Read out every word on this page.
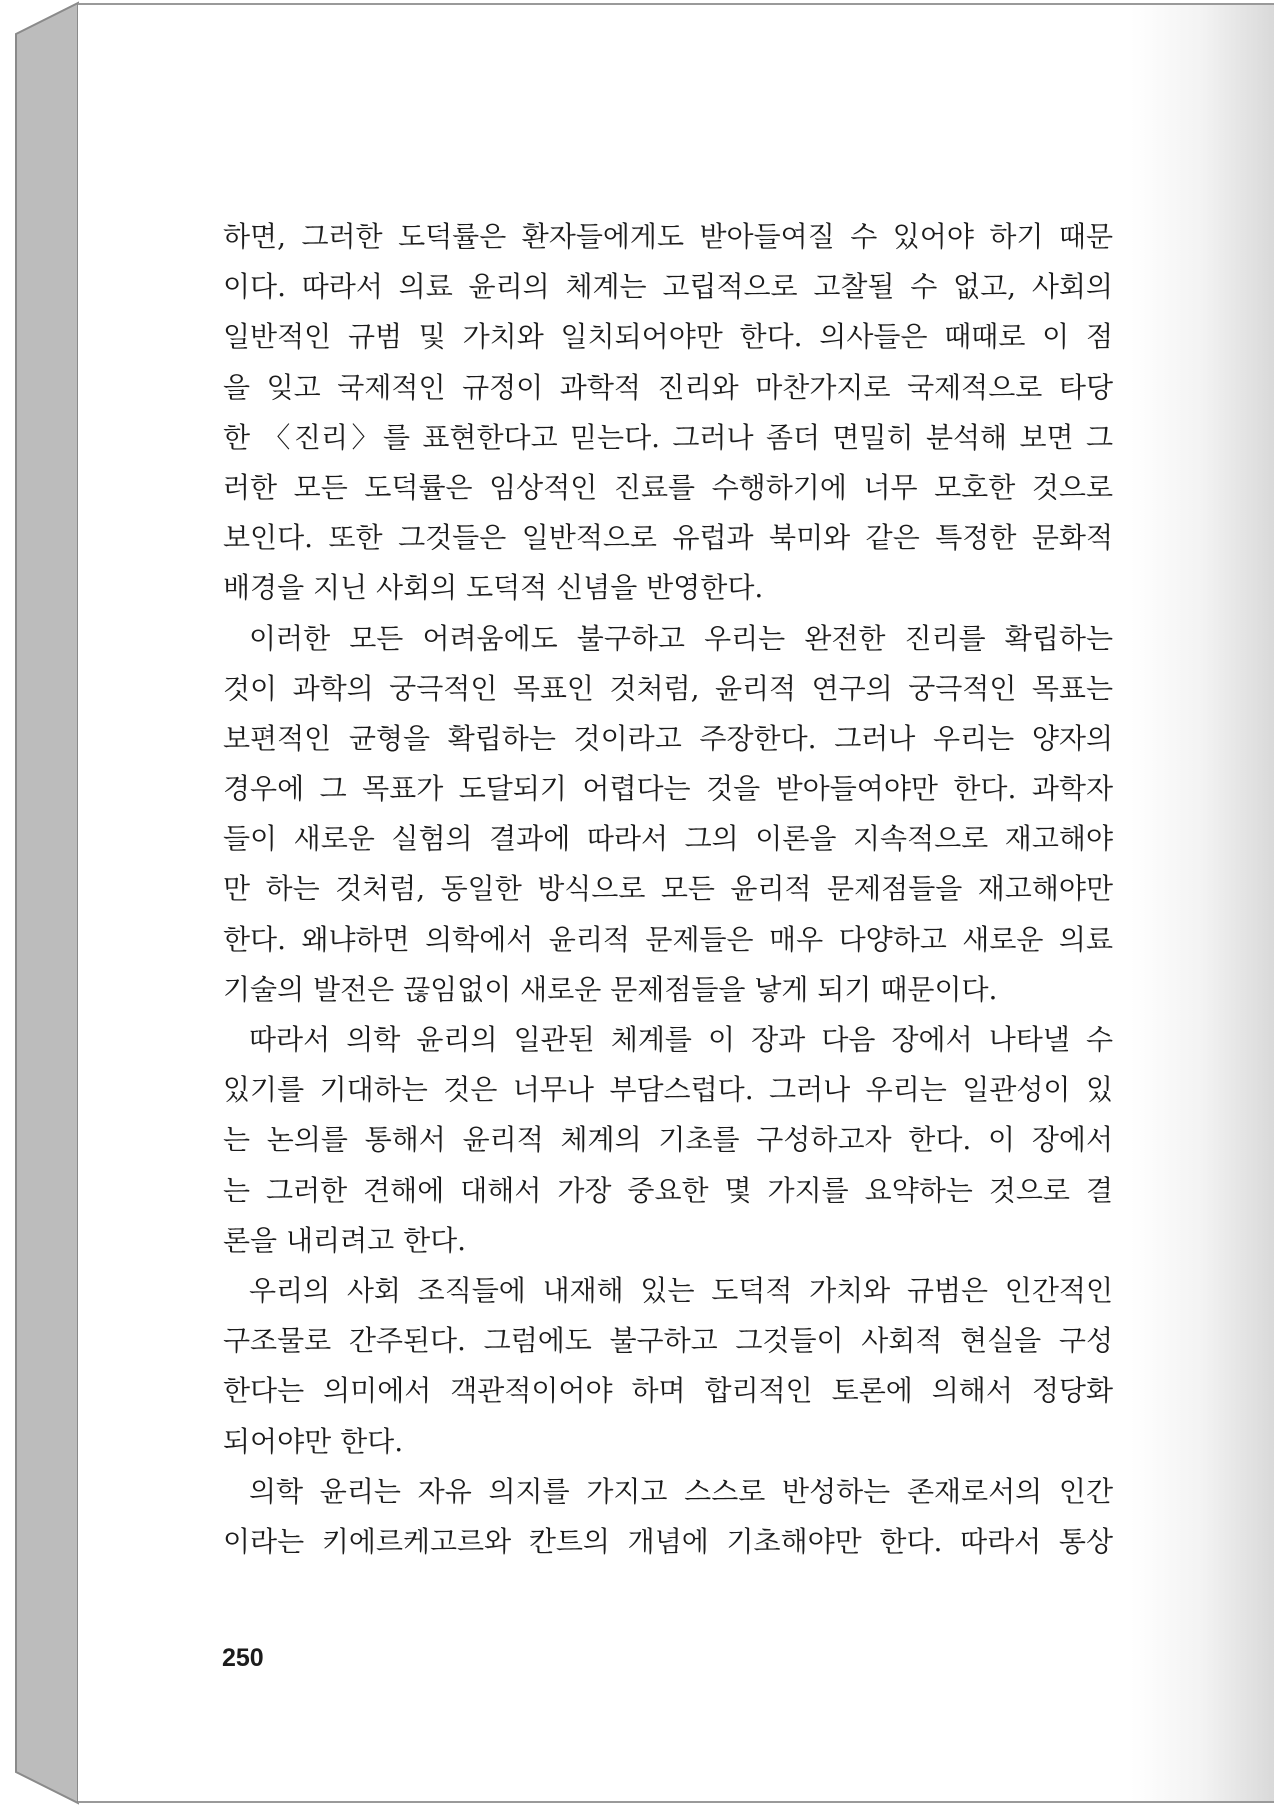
하면, 그러한 도덕률은 환자들에게도 받아들여질 수 있어야 하기 때문
이다. 따라서 의료 윤리의 체계는 고립적으로 고찰될 수 없고, 사회의
일반적인 규범 및 가치와 일치되어야만 한다. 의사들은 때때로 이 점
을 잊고 국제적인 규정이 과학적 진리와 마찬가지로 국제적으로 타당
한 〈진리〉를 표현한다고 믿는다. 그러나 좀더 면밀히 분석해 보면 그
러한 모든 도덕률은 임상적인 진료를 수행하기에 너무 모호한 것으로
보인다. 또한 그것들은 일반적으로 유럽과 북미와 같은 특정한 문화적
배경을 지닌 사회의 도덕적 신념을 반영한다.
이러한 모든 어려움에도 불구하고 우리는 완전한 진리를 확립하는
것이 과학의 궁극적인 목표인 것처럼, 윤리적 연구의 궁극적인 목표는
보편적인 균형을 확립하는 것이라고 주장한다. 그러나 우리는 양자의
경우에 그 목표가 도달되기 어렵다는 것을 받아들여야만 한다. 과학자
들이 새로운 실험의 결과에 따라서 그의 이론을 지속적으로 재고해야
만 하는 것처럼, 동일한 방식으로 모든 윤리적 문제점들을 재고해야만
한다. 왜냐하면 의학에서 윤리적 문제들은 매우 다양하고 새로운 의료
기술의 발전은 끊임없이 새로운 문제점들을 낳게 되기 때문이다.
따라서 의학 윤리의 일관된 체계를 이 장과 다음 장에서 나타낼 수
있기를 기대하는 것은 너무나 부담스럽다. 그러나 우리는 일관성이 있
는 논의를 통해서 윤리적 체계의 기초를 구성하고자 한다. 이 장에서
는 그러한 견해에 대해서 가장 중요한 몇 가지를 요약하는 것으로 결
론을 내리려고 한다.
우리의 사회 조직들에 내재해 있는 도덕적 가치와 규범은 인간적인
구조물로 간주된다. 그럼에도 불구하고 그것들이 사회적 현실을 구성
한다는 의미에서 객관적이어야 하며 합리적인 토론에 의해서 정당화
되어야만 한다.
의학 윤리는 자유 의지를 가지고 스스로 반성하는 존재로서의 인간
이라는 키에르케고르와 칸트의 개념에 기초해야만 한다. 따라서 통상
250
